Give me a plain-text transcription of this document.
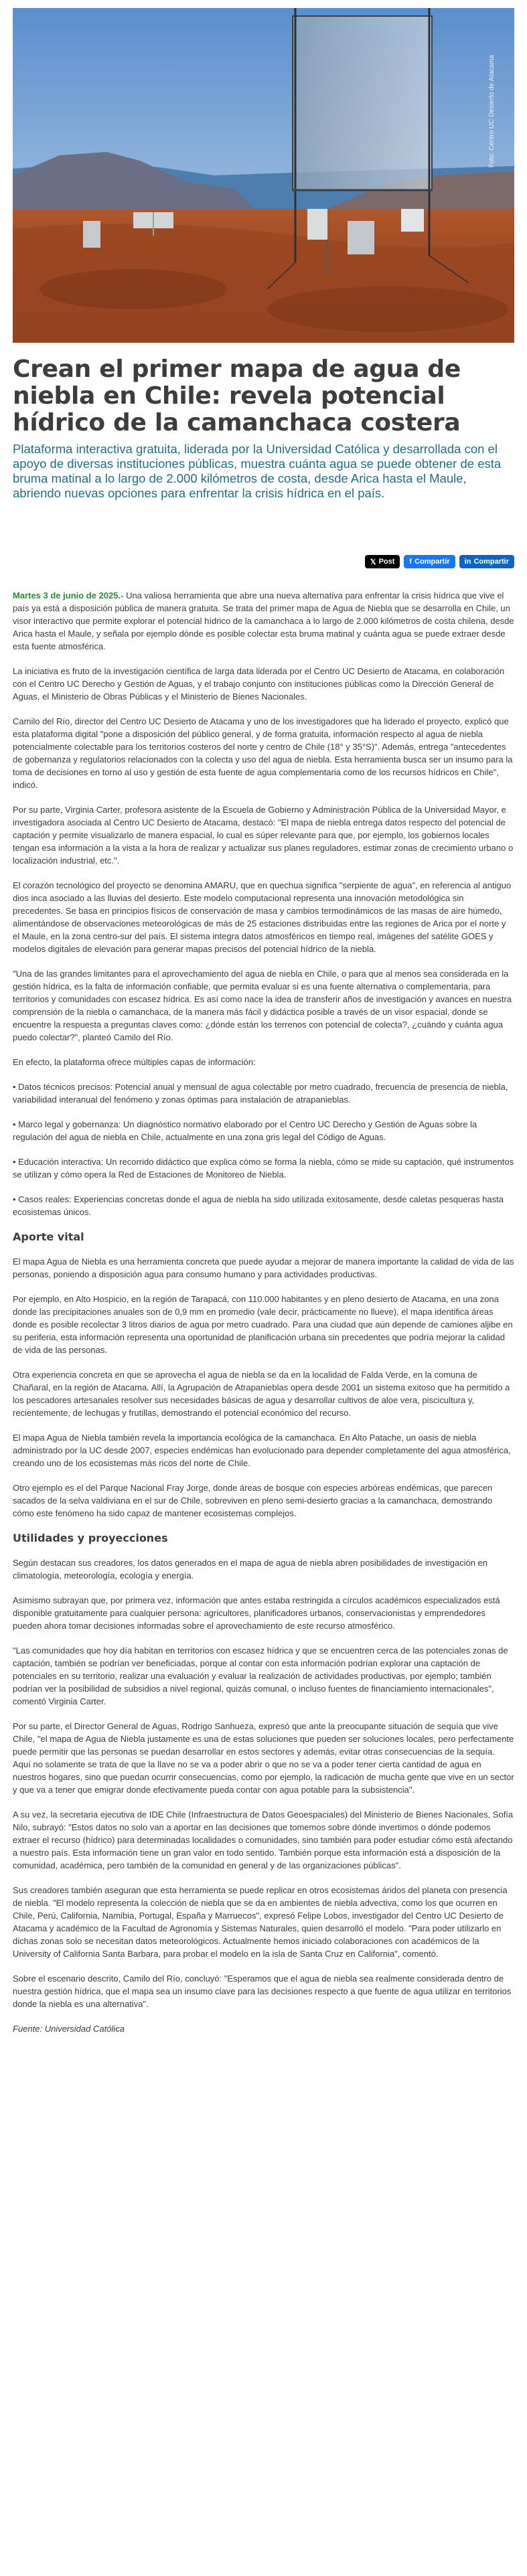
Foto: Centro UC Desierto de Atacama
Crean el primer mapa de agua de niebla en Chile: revela potencial hídrico de la camanchaca costera

Plataforma interactiva gratuita, liderada por la Universidad Católica y desarrollada con el apoyo de diversas instituciones públicas, muestra cuánta agua se puede obtener de esta bruma matinal a lo largo de 2.000 kilómetros de costa, desde Arica hasta el Maule, abriendo nuevas opciones para enfrentar la crisis hídrica en el país.

𝕏 Post f Compartir in Compartir

Martes 3 de junio de 2025.- Una valiosa herramienta que abre una nueva alternativa para enfrentar la crisis hídrica que vive el país ya está a disposición pública de manera gratuita. Se trata del primer mapa de Agua de Niebla que se desarrolla en Chile, un visor interactivo que permite explorar el potencial hídrico de la camanchaca a lo largo de 2.000 kilómetros de costa chilena, desde Arica hasta el Maule, y señala por ejemplo dónde es posible colectar esta bruma matinal y cuánta agua se puede extraer desde esta fuente atmosférica.

La iniciativa es fruto de la investigación científica de larga data liderada por el Centro UC Desierto de Atacama, en colaboración con el Centro UC Derecho y Gestión de Aguas, y el trabajo conjunto con instituciones públicas como la Dirección General de Aguas, el Ministerio de Obras Públicas y el Ministerio de Bienes Nacionales.

Camilo del Río, director del Centro UC Desierto de Atacama y uno de los investigadores que ha liderado el proyecto, explicó que esta plataforma digital "pone a disposición del público general, y de forma gratuita, información respecto al agua de niebla potencialmente colectable para los territorios costeros del norte y centro de Chile (18° y 35°S)". Además, entrega "antecedentes de gobernanza y regulatorios relacionados con la colecta y uso del agua de niebla. Esta herramienta busca ser un insumo para la toma de decisiones en torno al uso y gestión de esta fuente de agua complementaria como de los recursos hídricos en Chile", indicó.

Por su parte, Virginia Carter, profesora asistente de la Escuela de Gobierno y Administración Pública de la Universidad Mayor, e investigadora asociada al Centro UC Desierto de Atacama, destacó: "El mapa de niebla entrega datos respecto del potencial de captación y permite visualizarlo de manera espacial, lo cual es súper relevante para que, por ejemplo, los gobiernos locales tengan esa información a la vista a la hora de realizar y actualizar sus planes reguladores, estimar zonas de crecimiento urbano o localización industrial, etc.".

El corazón tecnológico del proyecto se denomina AMARU, que en quechua significa "serpiente de agua", en referencia al antiguo dios inca asociado a las lluvias del desierto. Este modelo computacional representa una innovación metodológica sin precedentes. Se basa en principios físicos de conservación de masa y cambios termodinámicos de las masas de aire húmedo, alimentándose de observaciones meteorológicas de más de 25 estaciones distribuidas entre las regiones de Arica por el norte y el Maule, en la zona centro-sur del país. El sistema integra datos atmosféricos en tiempo real, imágenes del satélite GOES y modelos digitales de elevación para generar mapas precisos del potencial hídrico de la niebla.

"Una de las grandes limitantes para el aprovechamiento del agua de niebla en Chile, o para que al menos sea considerada en la gestión hídrica, es la falta de información confiable, que permita evaluar si es una fuente alternativa o complementaria, para territorios y comunidades con escasez hídrica. Es así como nace la idea de transferir años de investigación y avances en nuestra comprensión de la niebla o camanchaca, de la manera más fácil y didáctica posible a través de un visor espacial, donde se encuentre la respuesta a preguntas claves como: ¿dónde están los terrenos con potencial de colecta?, ¿cuándo y cuánta agua puedo colectar?", planteó Camilo del Río.

En efecto, la plataforma ofrece múltiples capas de información:

• Datos técnicos precisos: Potencial anual y mensual de agua colectable por metro cuadrado, frecuencia de presencia de niebla, variabilidad interanual del fenómeno y zonas óptimas para instalación de atrapanieblas.

• Marco legal y gobernanza: Un diagnóstico normativo elaborado por el Centro UC Derecho y Gestión de Aguas sobre la regulación del agua de niebla en Chile, actualmente en una zona gris legal del Código de Aguas.

• Educación interactiva: Un recorrido didáctico que explica cómo se forma la niebla, cómo se mide su captación, qué instrumentos se utilizan y cómo opera la Red de Estaciones de Monitoreo de Niebla.

• Casos reales: Experiencias concretas donde el agua de niebla ha sido utilizada exitosamente, desde caletas pesqueras hasta ecosistemas únicos.

Aporte vital

El mapa Agua de Niebla es una herramienta concreta que puede ayudar a mejorar de manera importante la calidad de vida de las personas, poniendo a disposición agua para consumo humano y para actividades productivas.

Por ejemplo, en Alto Hospicio, en la región de Tarapacá, con 110.000 habitantes y en pleno desierto de Atacama, en una zona donde las precipitaciones anuales son de 0,9 mm en promedio (vale decir, prácticamente no llueve), el mapa identifica áreas donde es posible recolectar 3 litros diarios de agua por metro cuadrado. Para una ciudad que aún depende de camiones aljibe en su periferia, esta información representa una oportunidad de planificación urbana sin precedentes que podría mejorar la calidad de vida de las personas.

Otra experiencia concreta en que se aprovecha el agua de niebla se da en la localidad de Falda Verde, en la comuna de Chañaral, en la región de Atacama. Allí, la Agrupación de Atrapanieblas opera desde 2001 un sistema exitoso que ha permitido a los pescadores artesanales resolver sus necesidades básicas de agua y desarrollar cultivos de aloe vera, piscicultura y, recientemente, de lechugas y frutillas, demostrando el potencial económico del recurso.

El mapa Agua de Niebla también revela la importancia ecológica de la camanchaca. En Alto Patache, un oasis de niebla administrado por la UC desde 2007, especies endémicas han evolucionado para depender completamente del agua atmosférica, creando uno de los ecosistemas más ricos del norte de Chile.

Otro ejemplo es el del Parque Nacional Fray Jorge, donde áreas de bosque con especies arbóreas endémicas, que parecen sacados de la selva valdiviana en el sur de Chile, sobreviven en pleno semi-desierto gracias a la camanchaca, demostrando cómo este fenómeno ha sido capaz de mantener ecosistemas complejos.

Utilidades y proyecciones

Según destacan sus creadores, los datos generados en el mapa de agua de niebla abren posibilidades de investigación en climatología, meteorología, ecología y energía.

Asimismo subrayan que, por primera vez, información que antes estaba restringida a círculos académicos especializados está disponible gratuitamente para cualquier persona: agricultores, planificadores urbanos, conservacionistas y emprendedores pueden ahora tomar decisiones informadas sobre el aprovechamiento de este recurso atmosférico.

"Las comunidades que hoy día habitan en territorios con escasez hídrica y que se encuentren cerca de las potenciales zonas de captación, también se podrían ver beneficiadas, porque al contar con esta información podrían explorar una captación de potenciales en su territorio, realizar una evaluación y evaluar la realización de actividades productivas, por ejemplo; también podrían ver la posibilidad de subsidios a nivel regional, quizás comunal, o incluso fuentes de financiamiento internacionales", comentó Virginia Carter.

Por su parte, el Director General de Aguas, Rodrigo Sanhueza, expresó que ante la preocupante situación de sequía que vive Chile, "el mapa de Agua de Niebla justamente es una de estas soluciones que pueden ser soluciones locales, pero perfectamente puede permitir que las personas se puedan desarrollar en estos sectores y además, evitar otras consecuencias de la sequía. Aquí no solamente se trata de que la llave no se va a poder abrir o que no se va a poder tener cierta cantidad de agua en nuestros hogares, sino que puedan ocurrir consecuencias, como por ejemplo, la radicación de mucha gente que vive en un sector y que va a tener que emigrar donde efectivamente pueda contar con agua potable para la subsistencia".

A su vez, la secretaria ejecutiva de IDE Chile (Infraestructura de Datos Geoespaciales) del Ministerio de Bienes Nacionales, Sofía Nilo, subrayó: "Estos datos no solo van a aportar en las decisiones que tomemos sobre dónde invertimos o dónde podemos extraer el recurso (hídrico) para determinadas localidades o comunidades, sino también para poder estudiar cómo está afectando a nuestro país. Esta información tiene un gran valor en todo sentido. También porque esta información está a disposición de la comunidad, académica, pero también de la comunidad en general y de las organizaciones públicas".

Sus creadores también aseguran que esta herramienta se puede replicar en otros ecosistemas áridos del planeta con presencia de niebla. "El modelo representa la colección de niebla que se da en ambientes de niebla advectiva, como los que ocurren en Chile, Perú, California, Namibia, Portugal, España y Marruecos", expresó Felipe Lobos, investigador del Centro UC Desierto de Atacama y académico de la Facultad de Agronomía y Sistemas Naturales, quien desarrolló el modelo. "Para poder utilizarlo en dichas zonas solo se necesitan datos meteorológicos. Actualmente hemos iniciado colaboraciones con académicos de la University of California Santa Barbara, para probar el modelo en la isla de Santa Cruz en California", comentó.

Sobre el escenario descrito, Camilo del Río, concluyó: "Esperamos que el agua de niebla sea realmente considerada dentro de nuestra gestión hídrica, que el mapa sea un insumo clave para las decisiones respecto a que fuente de agua utilizar en territorios donde la niebla es una alternativa".

Fuente: Universidad Católica
